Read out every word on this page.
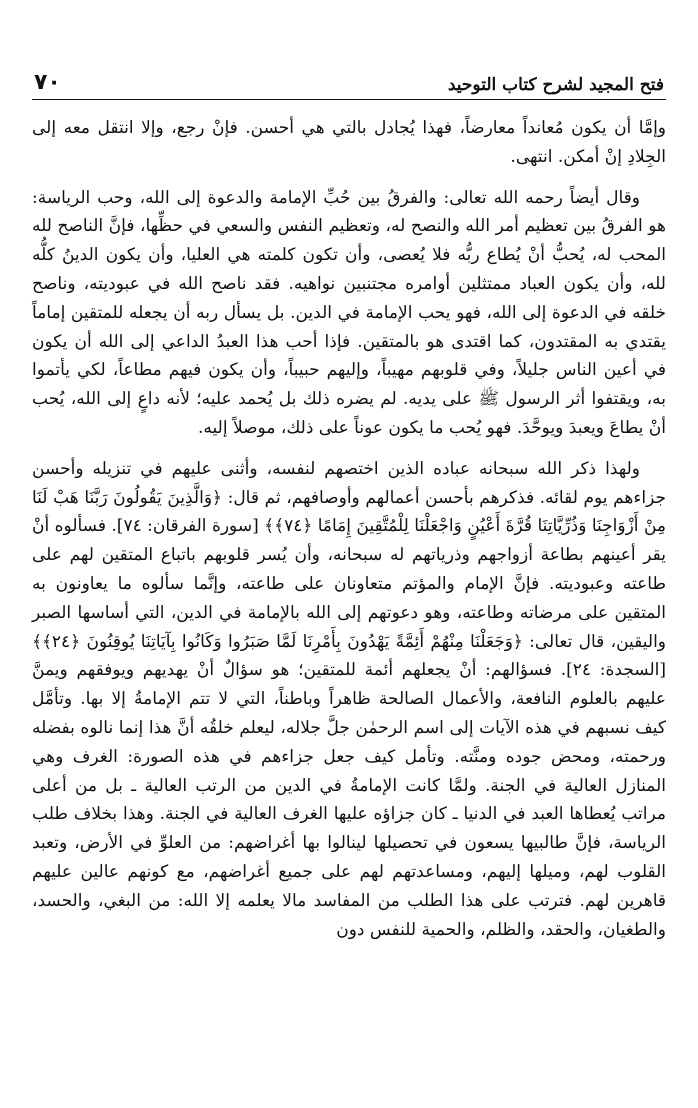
فتح المجيد لشرح كتاب التوحيد
٧٠

وإمَّا أن يكون مُعانداً معارضاً، فهذا يُجادل بالتي هي أحسن. فإنْ رجع، وإلا انتقل معه إلى الجِلادِ إنْ أمكن. انتهى.

وقال أيضاً رحمه الله تعالى: والفرقُ بين حُبِّ الإمامة والدعوة إلى الله، وحب الرياسة: هو الفرقُ بين تعظيم أمر الله والنصح له، وتعظيم النفس والسعي في حظِّها، فإنَّ الناصح لله المحب له، يُحبُّ أنْ يُطاع ربُّه فلا يُعصى، وأن تكون كلمته هي العليا، وأن يكون الدينُ كلُّه لله، وأن يكون العباد ممتثلين أوامره مجتنبين نواهيه. فقد ناصح الله في عبوديته، وناصح خلقه في الدعوة إلى الله، فهو يحب الإمامة في الدين. بل يسأل ربه أن يجعله للمتقين إماماً يقتدي به المقتدون، كما اقتدى هو بالمتقين. فإذا أحب هذا العبدُ الداعي إلى الله أن يكون في أعين الناس جليلاً، وفي قلوبهم مهيباً، وإليهم حبيباً، وأن يكون فيهم مطاعاً، لكي يأتموا به، ويقتفوا أثر الرسول ﷺ على يديه. لم يضره ذلك بل يُحمد عليه؛ لأنه داعٍ إلى الله، يُحب أنْ يطاعَ ويعبدَ ويوحَّدَ. فهو يُحب ما يكون عوناً على ذلك، موصلاً إليه.

ولهذا ذكر الله سبحانه عباده الذين اختصهم لنفسه، وأثنى عليهم في تنزيله وأحسن جزاءهم يوم لقائه. فذكرهم بأحسن أعمالهم وأوصافهم، ثم قال: ﴿وَالَّذِينَ يَقُولُونَ رَبَّنَا هَبْ لَنَا مِنْ أَزْوَاجِنَا وَذُرِّيَّاتِنَا قُرَّةَ أَعْيُنٍ وَاجْعَلْنَا لِلْمُتَّقِينَ إِمَامًا ﴿٧٤﴾﴾ [سورة الفرقان: ٧٤]. فسألوه أنْ يقر أعينهم بطاعة أزواجهم وذرياتهم له سبحانه، وأن يُسر قلوبهم باتباع المتقين لهم على طاعته وعبوديته. فإنَّ الإمام والمؤتم متعاونان على طاعته، وإنَّما سألوه ما يعاونون به المتقين على مرضاته وطاعته، وهو دعوتهم إلى الله بالإمامة في الدين، التي أساسها الصبر واليقين، قال تعالى: ﴿وَجَعَلْنَا مِنْهُمْ أَئِمَّةً يَهْدُونَ بِأَمْرِنَا لَمَّا صَبَرُوا وَكَانُوا بِآيَاتِنَا يُوقِنُونَ ﴿٢٤﴾﴾ [السجدة: ٢٤]. فسؤالهم: أنْ يجعلهم أئمة للمتقين؛ هو سؤالٌ أنْ يهديهم ويوفقهم ويمنَّ عليهم بالعلوم النافعة، والأعمال الصالحة ظاهراً وباطناً، التي لا تتم الإمامةُ إلا بها. وتأمَّل كيف نسبهم في هذه الآيات إلى اسم الرحمٰن جلَّ جلاله، ليعلم خلقُه أنَّ هذا إنما نالوه بفضله ورحمته، ومحض جوده ومنَّته. وتأمل كيف جعل جزاءهم في هذه الصورة: الغرف وهي المنازل العالية في الجنة. ولمَّا كانت الإمامةُ في الدين من الرتب العالية ـ بل من أعلى مراتب يُعطاها العبد في الدنيا ـ كان جزاؤه عليها الغرف العالية في الجنة. وهذا بخلاف طلب الرياسة، فإنَّ طالبيها يسعون في تحصيلها لينالوا بها أغراضهم: من العلوِّ في الأرض، وتعبد القلوب لهم، وميلها إليهم، ومساعدتهم لهم على جميع أغراضهم، مع كونهم عالين عليهم قاهرين لهم. فترتب على هذا الطلب من المفاسد مالا يعلمه إلا الله: من البغي، والحسد، والطغيان، والحقد، والظلم، والحمية للنفس دون
